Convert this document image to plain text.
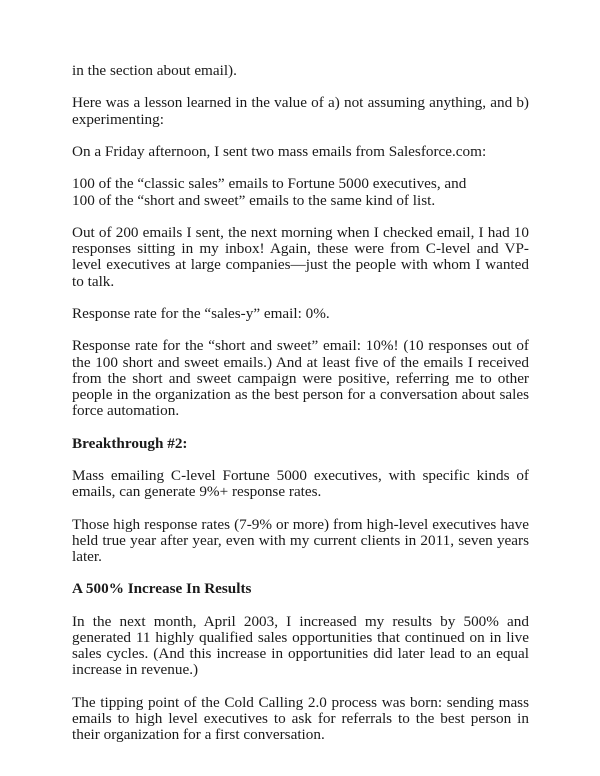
in the section about email).

Here was a lesson learned in the value of a) not assuming anything, and b) experimenting:

On a Friday afternoon, I sent two mass emails from Salesforce.com:

100 of the “classic sales” emails to Fortune 5000 executives, and
100 of the “short and sweet” emails to the same kind of list.

Out of 200 emails I sent, the next morning when I checked email, I had 10 responses sitting in my inbox! Again, these were from C-level and VP-level executives at large companies—just the people with whom I wanted to talk.

Response rate for the “sales-y” email: 0%.

Response rate for the “short and sweet” email: 10%! (10 responses out of the 100 short and sweet emails.) And at least five of the emails I received from the short and sweet campaign were positive, referring me to other people in the organization as the best person for a conversation about sales force automation.

Breakthrough #2:

Mass emailing C-level Fortune 5000 executives, with specific kinds of emails, can generate 9%+ response rates.

Those high response rates (7-9% or more) from high-level executives have held true year after year, even with my current clients in 2011, seven years later.

A 500% Increase In Results

In the next month, April 2003, I increased my results by 500% and generated 11 highly qualified sales opportunities that continued on in live sales cycles. (And this increase in opportunities did later lead to an equal increase in revenue.)

The tipping point of the Cold Calling 2.0 process was born: sending mass emails to high level executives to ask for referrals to the best person in their organization for a first conversation.
